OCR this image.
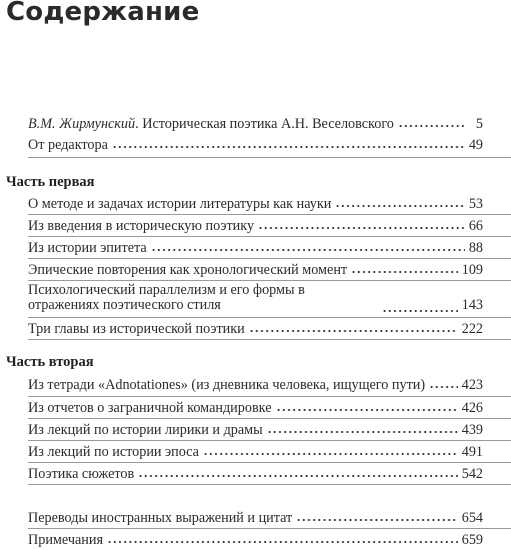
Содержание
В.М. Жирмунский. Историческая поэтика А.Н. Веселовского	5
От редактора	49
Часть первая
О методе и задачах истории литературы как науки	53
Из введения в историческую поэтику	66
Из истории эпитета	88
Эпические повторения как хронологический момент	109
Психологический параллелизм и его формы в отражениях поэтического стиля	143
Три главы из исторической поэтики	222
Часть вторая
Из тетради «Adnotationes» (из дневника человека, ищущего пути)	423
Из отчетов о заграничной командировке	426
Из лекций по истории лирики и драмы	439
Из лекций по истории эпоса	491
Поэтика сюжетов	542
Переводы иностранных выражений и цитат	654
Примечания	659
